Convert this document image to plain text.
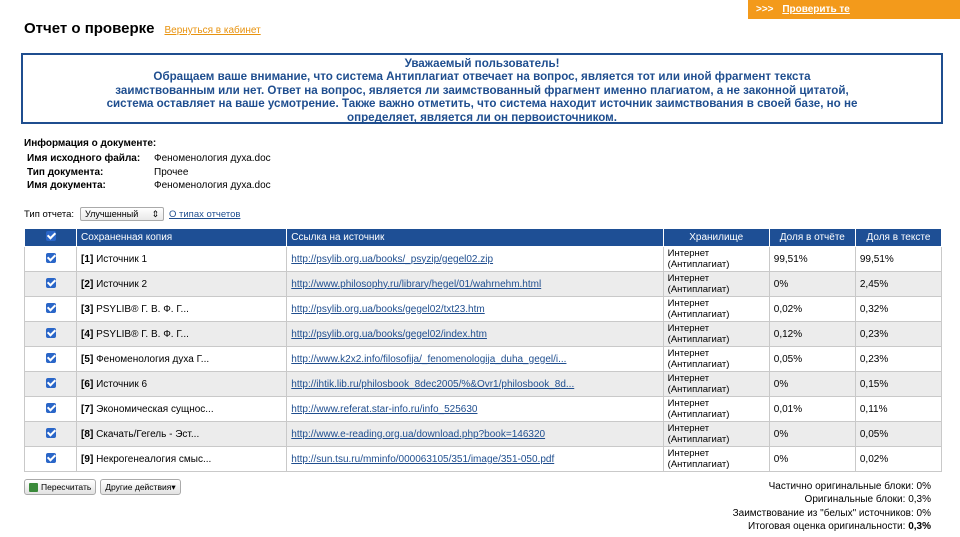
>>> Проверить те
Отчет о проверке Вернуться в кабинет
Уважаемый пользователь!
Обращаем ваше внимание, что система Антиплагиат отвечает на вопрос, является тот или иной фрагмент текста
заимствованным или нет. Ответ на вопрос, является ли заимствованный фрагмент именно плагиатом, а не законной цитатой,
система оставляет на ваше усмотрение. Также важно отметить, что система находит источник заимствования в своей базе, но не
определяет, является ли он первоисточником.
Информация о документе:
Имя исходного файла:	Феноменология духа.doc
Тип документа:	Прочее
Имя документа:	Феноменология духа.doc
Тип отчета: Улучшенный ⇕ О типах отчетов
	Сохраненная копия	Ссылка на источник	Хранилище	Доля в отчёте	Доля в тексте
	[1] Источник 1	http://psylib.org.ua/books/_psyzip/gegel02.zip	Интернет
(Антиплагиат)	99,51%	99,51%
	[2] Источник 2	http://www.philosophy.ru/library/hegel/01/wahrnehm.html	Интернет
(Антиплагиат)	0%	2,45%
	[3] PSYLIB® Г. В. Ф. Г...	http://psylib.org.ua/books/gegel02/txt23.htm	Интернет
(Антиплагиат)	0,02%	0,32%
	[4] PSYLIB® Г. В. Ф. Г...	http://psylib.org.ua/books/gegel02/index.htm	Интернет
(Антиплагиат)	0,12%	0,23%
	[5] Феноменология духа Г...	http://www.k2x2.info/filosofija/_fenomenologija_duha_gegel/i...	Интернет
(Антиплагиат)	0,05%	0,23%
	[6] Источник 6	http://ihtik.lib.ru/philosbook_8dec2005/%&Ovr1/philosbook_8d...	Интернет
(Антиплагиат)	0%	0,15%
	[7] Экономическая сущнос...	http://www.referat.star-info.ru/info_525630	Интернет
(Антиплагиат)	0,01%	0,11%
	[8] Скачать/Гегель - Эст...	http://www.e-reading.org.ua/download.php?book=146320	Интернет
(Антиплагиат)	0%	0,05%
	[9] Некрогенеалогия смыс...	http://sun.tsu.ru/mminfo/000063105/351/image/351-050.pdf	Интернет
(Антиплагиат)	0%	0,02%
Пересчитать Другие действия ▾	Частично оригинальные блоки: 0%
Оригинальные блоки: 0,3%
Заимствование из "белых" источников: 0%
Итоговая оценка оригинальности: 0,3%
